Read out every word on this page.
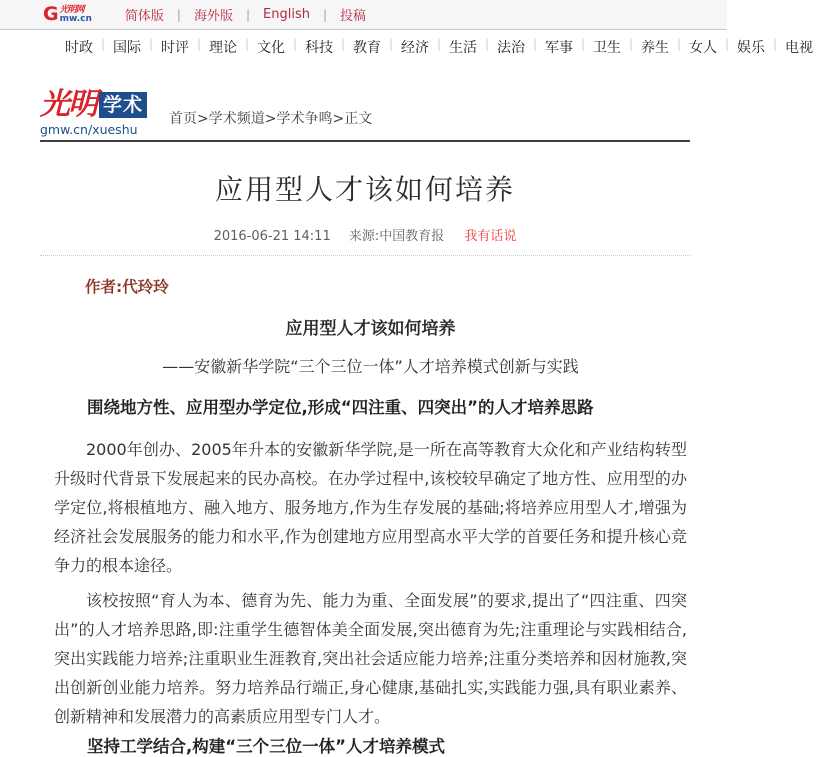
G 光明网
mw.cn	简体版	|	海外版	|	English	|	投稿
时政	| 国际	| 时评	| 理论	| 文化	| 科技	| 教育	| 经济	| 生活	| 法治	| 军事	| 卫生	| 养生	| 女人	| 娱乐	| 电视
光明 学术
gmw.cn/xueshu
首页>学术频道>学术争鸣>正文
应用型人才该如何培养
2016-06-21 14:11 来源:中国教育报 我有话说

作者:代玲玲

应用型人才该如何培养

——安徽新华学院“三个三位一体”人才培养模式创新与实践

围绕地方性、应用型办学定位,形成“四注重、四突出”的人才培养思路

2000年创办、2005年升本的安徽新华学院,是一所在高等教育大众化和产业结构转型升级时代背景下发展起来的民办高校。在办学过程中,该校较早确定了地方性、应用型的办学定位,将根植地方、融入地方、服务地方,作为生存发展的基础;将培养应用型人才,增强为经济社会发展服务的能力和水平,作为创建地方应用型高水平大学的首要任务和提升核心竞争力的根本途径。

该校按照“育人为本、德育为先、能力为重、全面发展”的要求,提出了“四注重、四突出”的人才培养思路,即:注重学生德智体美全面发展,突出德育为先;注重理论与实践相结合,突出实践能力培养;注重职业生涯教育,突出社会适应能力培养;注重分类培养和因材施教,突出创新创业能力培养。努力培养品行端正,身心健康,基础扎实,实践能力强,具有职业素养、创新精神和发展潜力的高素质应用型专门人才。

坚持工学结合,构建“三个三位一体”人才培养模式
